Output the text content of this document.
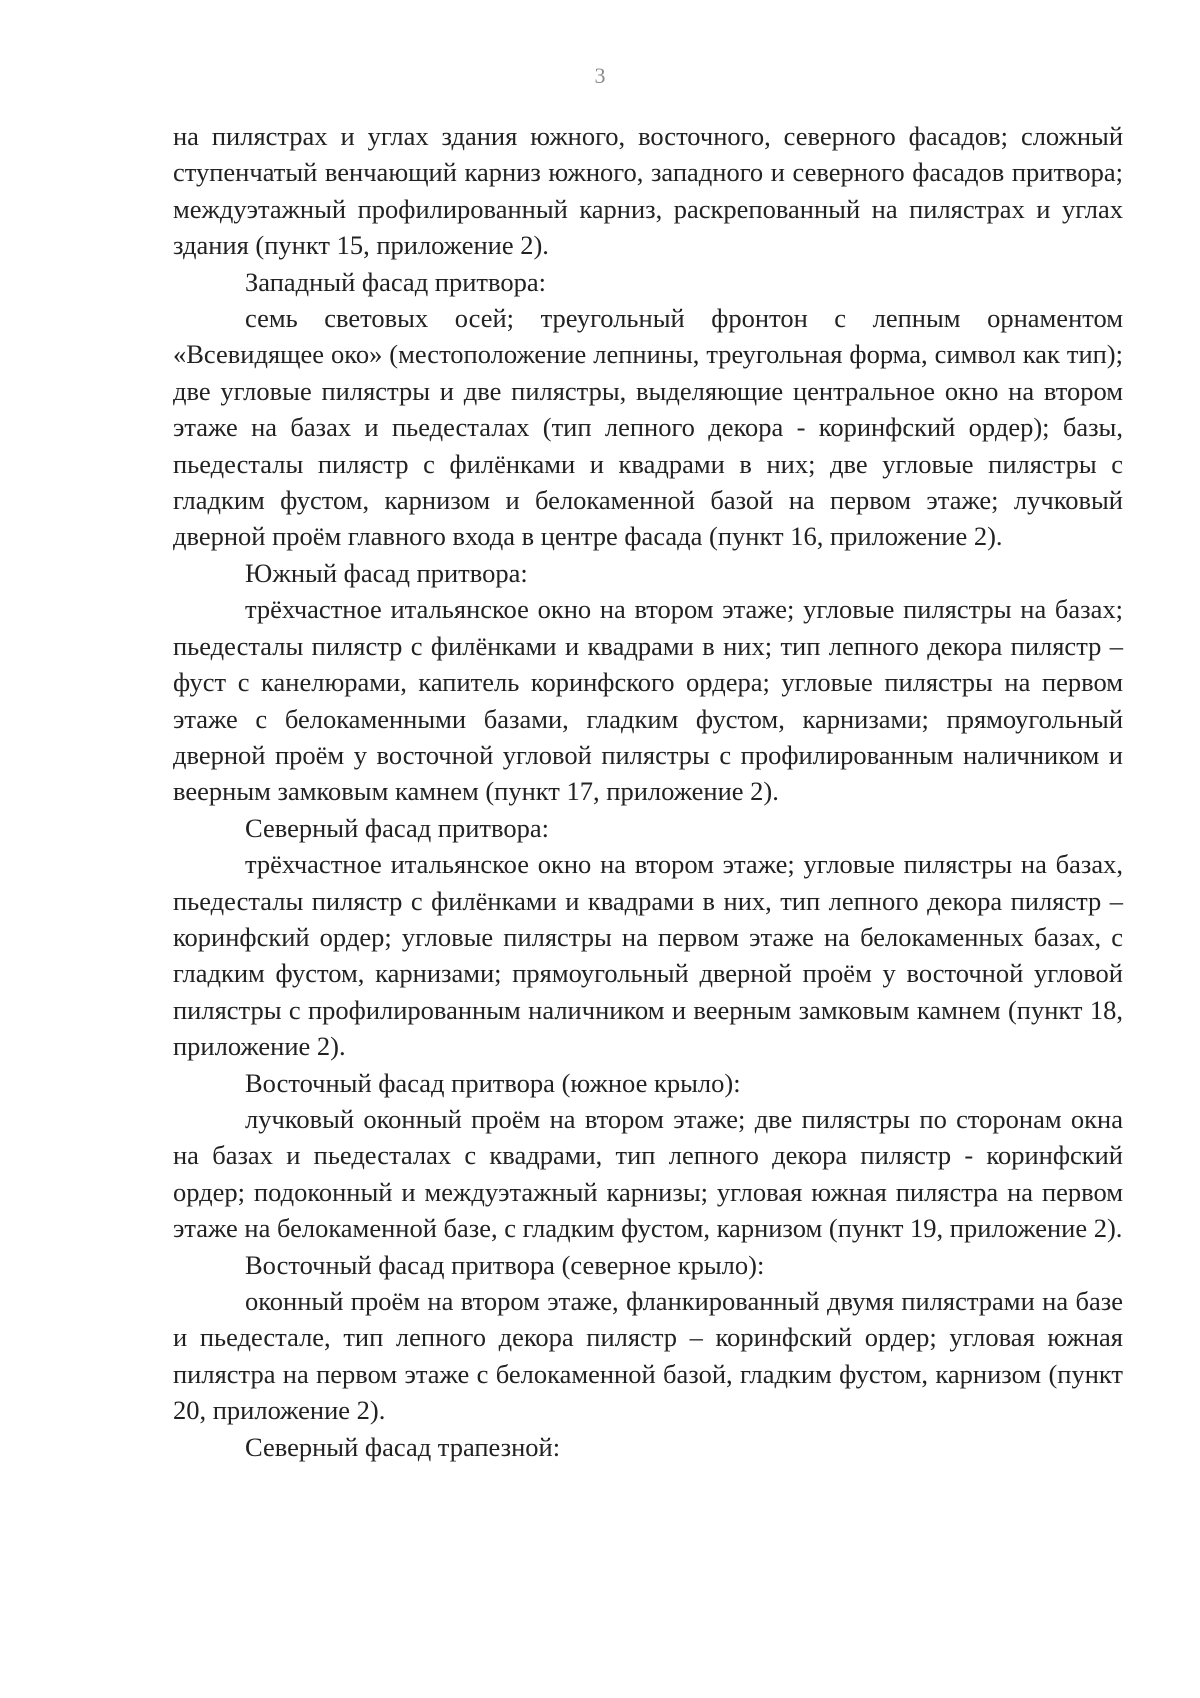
3

на пилястрах и углах здания южного, восточного, северного фасадов; сложный ступенчатый венчающий карниз южного, западного и северного фасадов притвора; междуэтажный профилированный карниз, раскрепованный на пилястрах и углах здания (пункт 15, приложение 2).

Западный фасад притвора:

семь световых осей; треугольный фронтон с лепным орнаментом «Всевидящее око» (местоположение лепнины, треугольная форма, символ как тип); две угловые пилястры и две пилястры, выделяющие центральное окно на втором этаже на базах и пьедесталах (тип лепного декора - коринфский ордер); базы, пьедесталы пилястр с филёнками и квадрами в них; две угловые пилястры с гладким фустом, карнизом и белокаменной базой на первом этаже; лучковый дверной проём главного входа в центре фасада (пункт 16, приложение 2).

Южный фасад притвора:

трёхчастное итальянское окно на втором этаже; угловые пилястры на базах; пьедесталы пилястр с филёнками и квадрами в них; тип лепного декора пилястр – фуст с канелюрами, капитель коринфского ордера; угловые пилястры на первом этаже с белокаменными базами, гладким фустом, карнизами; прямоугольный дверной проём у восточной угловой пилястры с профилированным наличником и веерным замковым камнем (пункт 17, приложение 2).

Северный фасад притвора:

трёхчастное итальянское окно на втором этаже; угловые пилястры на базах, пьедесталы пилястр с филёнками и квадрами в них, тип лепного декора пилястр – коринфский ордер; угловые пилястры на первом этаже на белокаменных базах, с гладким фустом, карнизами; прямоугольный дверной проём у восточной угловой пилястры с профилированным наличником и веерным замковым камнем (пункт 18, приложение 2).

Восточный фасад притвора (южное крыло):

лучковый оконный проём на втором этаже; две пилястры по сторонам окна на базах и пьедесталах с квадрами, тип лепного декора пилястр - коринфский ордер; подоконный и междуэтажный карнизы; угловая южная пилястра на первом этаже на белокаменной базе, с гладким фустом, карнизом (пункт 19, приложение 2).

Восточный фасад притвора (северное крыло):

оконный проём на втором этаже, фланкированный двумя пилястрами на базе и пьедестале, тип лепного декора пилястр – коринфский ордер; угловая южная пилястра на первом этаже с белокаменной базой, гладким фустом, карнизом (пункт 20, приложение 2).

Северный фасад трапезной:
